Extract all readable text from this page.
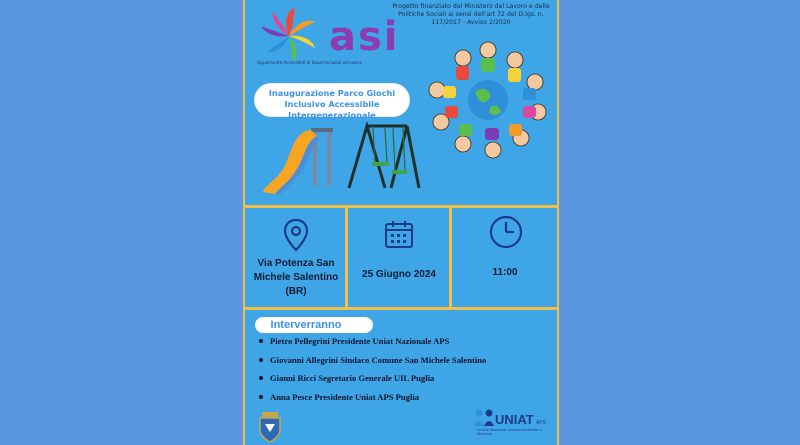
Progetto finanziato dal Ministero del Lavoro e delle Politiche Sociali ai sensi dell'art 72 del D.lgs. n. 117/2017 - Avviso 2/2020
asi
Opportunità Accessibili di Spazi Inclusivi nel parco
Inaugurazione Parco Giochi Inclusivo Accessibile Intergenerazionale
Via Potenza San Michele Salentino (BR)
25 Giugno 2024	11:00
Interverranno
Pietro Pellegrini Presidente Uniat Nazionale APS
Giovanni Allegrini Sindaco Comune San Michele Salentino
Gianni Ricci Segretario Generale UIL Puglia
Anna Pesce Presidente Uniat APS Puglia
UNIAT APS
Unione Nazionale Inquilini Ambiente e Territorio
